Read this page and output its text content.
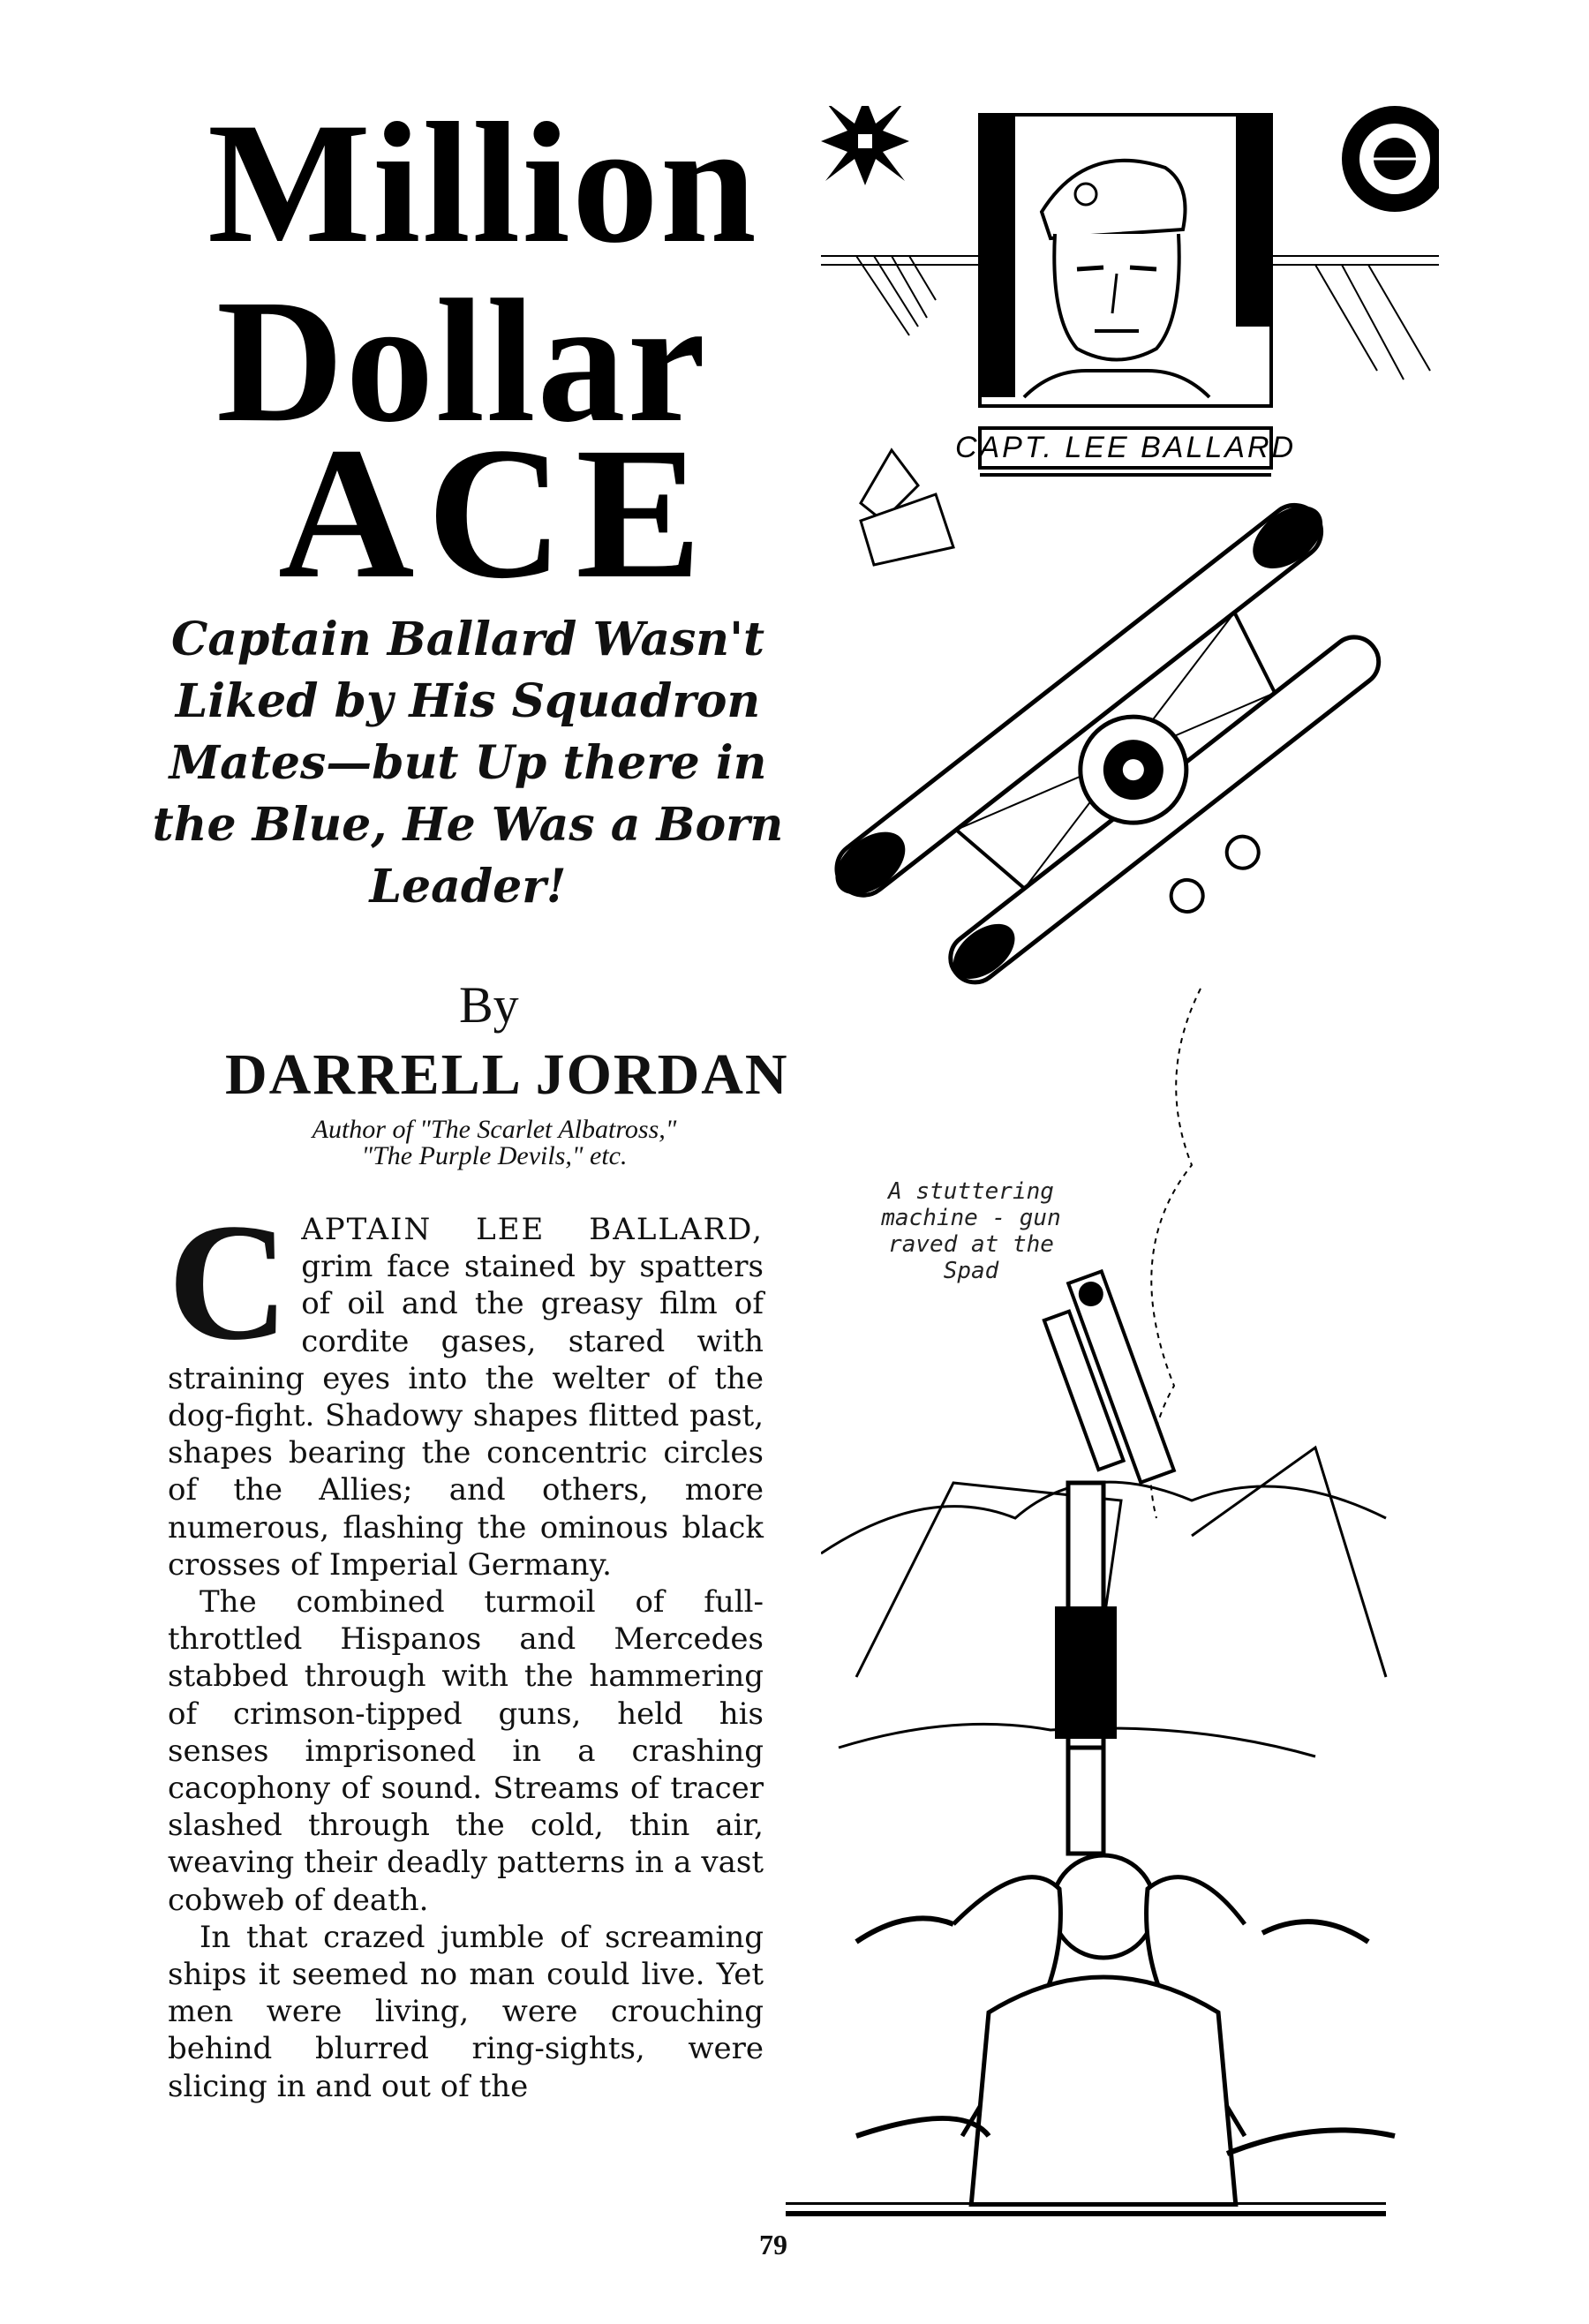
Million
Dollar
ACE
Captain Ballard Wasn't Liked by His Squadron Mates—but Up there in the Blue, He Was a Born Leader!
By
DARRELL JORDAN
Author of "The Scarlet Albatross,"
"The Purple Devils," etc.

CAPTAIN LEE BALLARD, grim face stained by spatters of oil and the greasy film of cordite gases, stared with straining eyes into the welter of the dog-fight. Shadowy shapes flitted past, shapes bearing the concentric circles of the Allies; and others, more numerous, flashing the ominous black crosses of Imperial Germany.

The combined turmoil of full-throttled Hispanos and Mercedes stabbed through with the hammering of crimson-tipped guns, held his senses imprisoned in a crashing cacophony of sound. Streams of tracer slashed through the cold, thin air, weaving their deadly patterns in a vast cobweb of death.

In that crazed jumble of screaming ships it seemed no man could live. Yet men were living, were crouching behind blurred ring-sights, were slicing in and out of the

CAPT. LEE BALLARD
A stuttering machine - gun raved at the Spad
79
